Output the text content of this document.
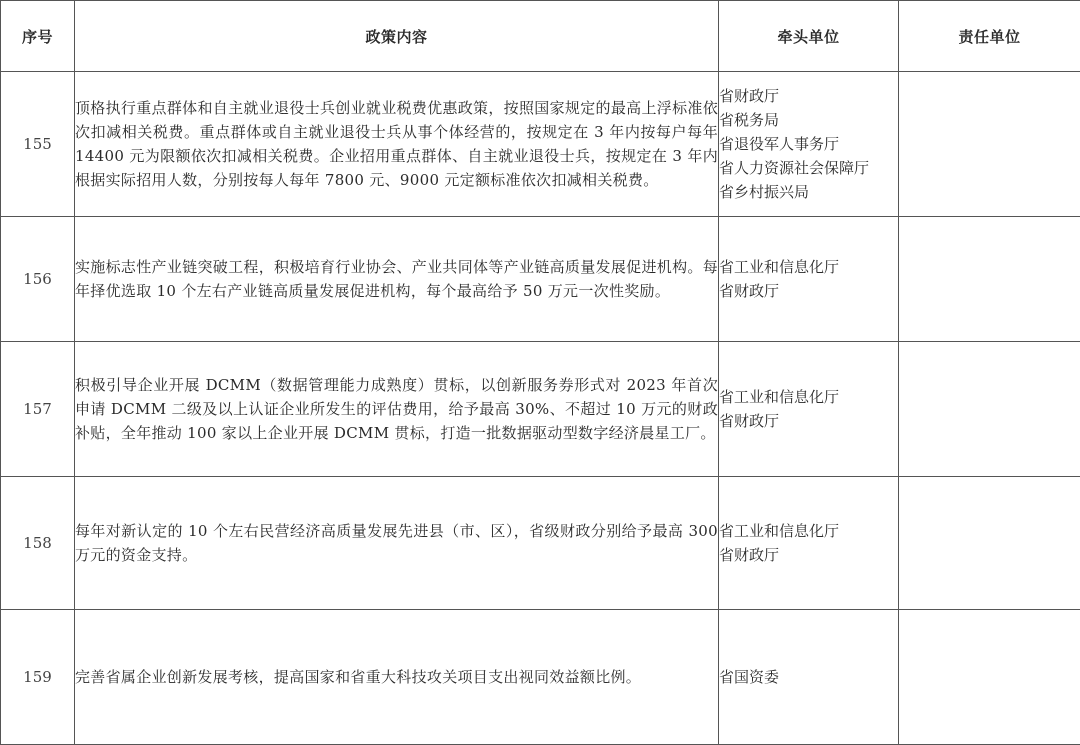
序号	政策内容	牵头单位	责任单位
155	顶格执行重点群体和自主就业退役士兵创业就业税费优惠政策，按照国家规定的最高上浮标准依次扣减相关税费。重点群体或自主就业退役士兵从事个体经营的，按规定在 3 年内按每户每年 14400 元为限额依次扣减相关税费。企业招用重点群体、自主就业退役士兵，按规定在 3 年内根据实际招用人数，分别按每人每年 7800 元、9000 元定额标准依次扣减相关税费。	省财政厅
省税务局
省退役军人事务厅
省人力资源社会保障厅
省乡村振兴局	

156	实施标志性产业链突破工程，积极培育行业协会、产业共同体等产业链高质量发展促进机构。每年择优选取 10 个左右产业链高质量发展促进机构，每个最高给予 50 万元一次性奖励。	省工业和信息化厅
省财政厅	

157	积极引导企业开展 DCMM（数据管理能力成熟度）贯标，以创新服务券形式对 2023 年首次申请 DCMM 二级及以上认证企业所发生的评估费用，给予最高 30%、不超过 10 万元的财政补贴，全年推动 100 家以上企业开展 DCMM 贯标，打造一批数据驱动型数字经济晨星工厂。	省工业和信息化厅
省财政厅	

158	每年对新认定的 10 个左右民营经济高质量发展先进县（市、区），省级财政分别给予最高 300 万元的资金支持。	省工业和信息化厅
省财政厅	

159	完善省属企业创新发展考核，提高国家和省重大科技攻关项目支出视同效益额比例。	省国资委	
